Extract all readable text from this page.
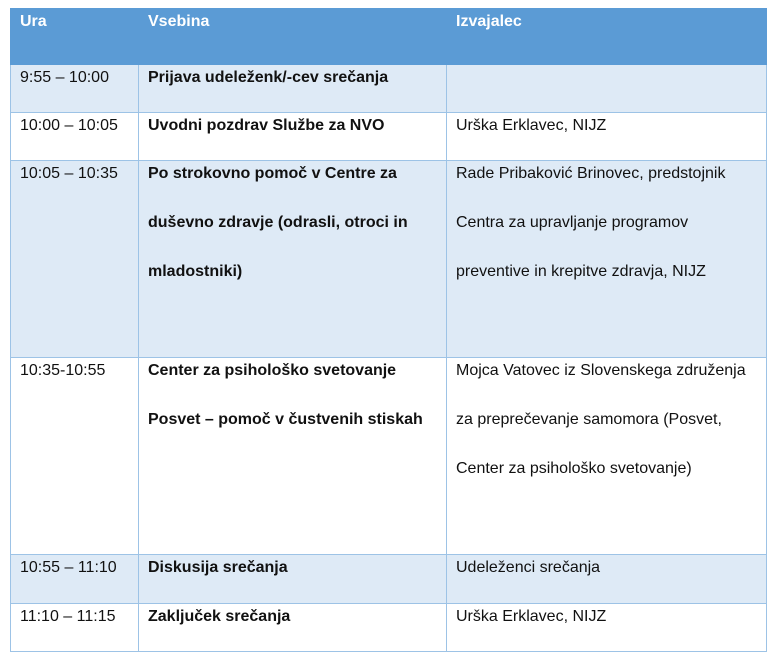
Ura	Vsebina	Izvajalec

9:55 – 10:00	Prijava udeleženk/-cev srečanja	

10:00 – 10:05	Uvodni pozdrav Službe za NVO	Urška Erklavec, NIJZ

10:05 – 10:35	Po strokovno pomoč v Centre za duševno zdravje (odrasli, otroci in mladostniki)	Rade Pribaković Brinovec, predstojnik Centra za upravljanje programov preventive in krepitve zdravja, NIJZ

10:35-10:55	Center za psihološko svetovanje Posvet – pomoč v čustvenih stiskah	Mojca Vatovec iz Slovenskega združenja za preprečevanje samomora (Posvet, Center za psihološko svetovanje)

10:55 – 11:10	Diskusija srečanja	Udeleženci srečanja

11:10 – 11:15	Zaključek srečanja	Urška Erklavec, NIJZ
